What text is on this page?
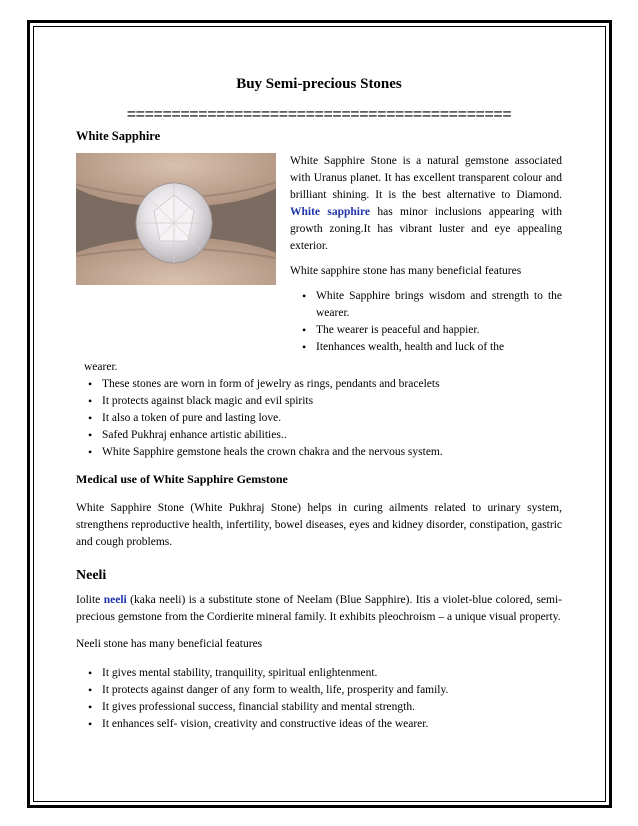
Buy Semi-precious Stones
===========================================
White Sapphire

White Sapphire Stone is a natural gemstone associated with Uranus planet. It has excellent transparent colour and brilliant shining. It is the best alternative to Diamond. White sapphire has minor inclusions appearing with growth zoning.It has vibrant luster and eye appealing exterior.

White sapphire stone has many beneficial features

• White Sapphire brings wisdom and strength to the wearer.
• The wearer is peaceful and happier.
• Itenhances wealth, health and luck of the
wearer.
• These stones are worn in form of jewelry as rings, pendants and bracelets
• It protects against black magic and evil spirits
• It also a token of pure and lasting love.
• Safed Pukhraj enhance artistic abilities..
• White Sapphire gemstone heals the crown chakra and the nervous system.
Medical use of White Sapphire Gemstone

White Sapphire Stone (White Pukhraj Stone) helps in curing ailments related to urinary system, strengthens reproductive health, infertility, bowel diseases, eyes and kidney disorder, constipation, gastric and cough problems.

Neeli

Iolite neeli (kaka neeli) is a substitute stone of Neelam (Blue Sapphire). Itis a violet-blue colored, semi-precious gemstone from the Cordierite mineral family. It exhibits pleochroism – a unique visual property.

Neeli stone has many beneficial features

• It gives mental stability, tranquility, spiritual enlightenment.
• It protects against danger of any form to wealth, life, prosperity and family.
• It gives professional success, financial stability and mental strength.
• It enhances self- vision, creativity and constructive ideas of the wearer.
